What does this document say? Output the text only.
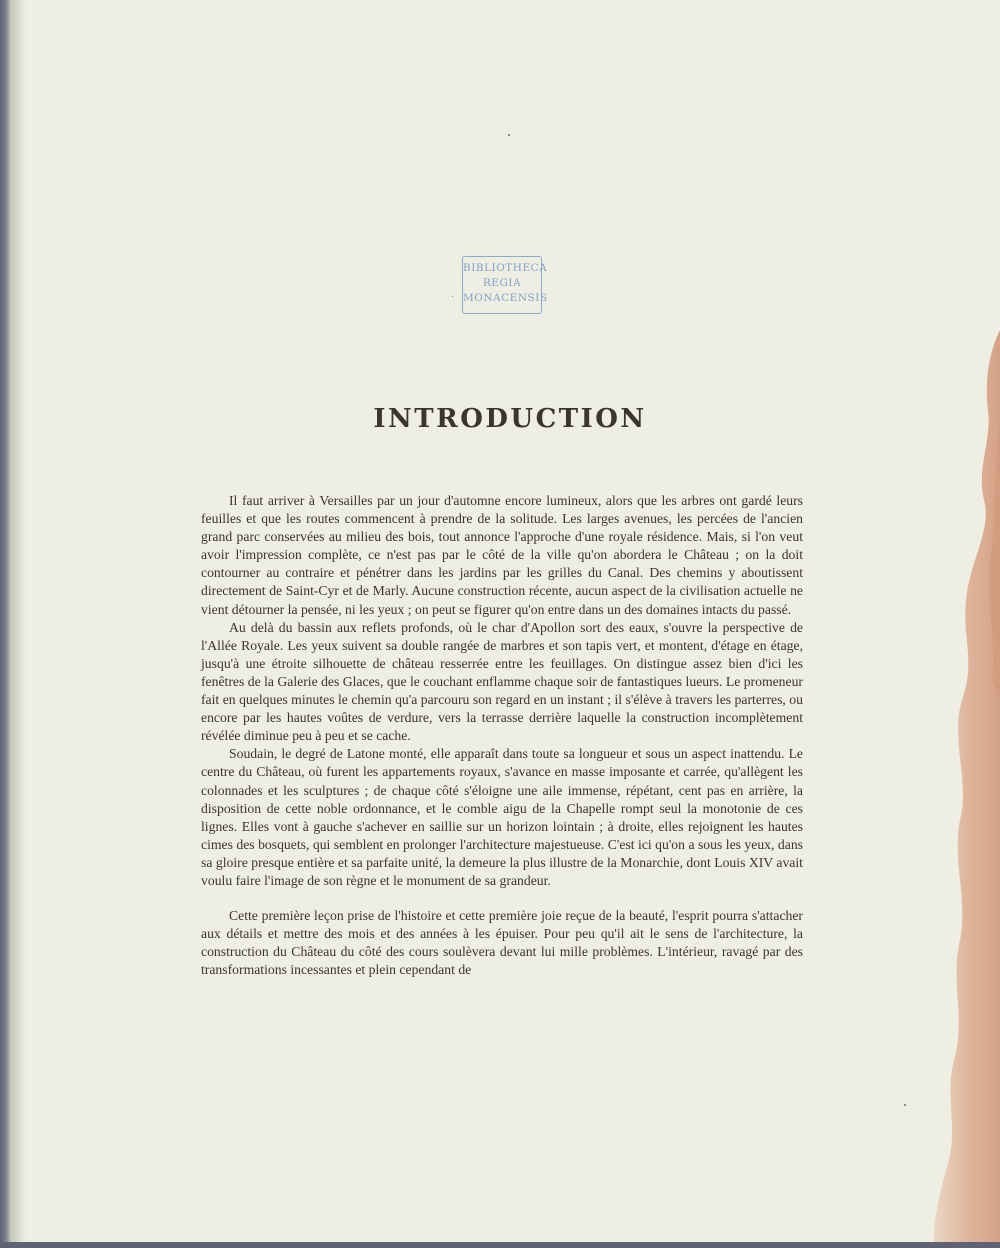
BIBLIOTHECA
REGIA
MONACENSIS
INTRODUCTION

Il faut arriver à Versailles par un jour d'automne encore lumineux, alors que les arbres ont gardé leurs feuilles et que les routes commencent à prendre de la solitude. Les larges avenues, les percées de l'ancien grand parc conservées au milieu des bois, tout annonce l'approche d'une royale résidence. Mais, si l'on veut avoir l'impression complète, ce n'est pas par le côté de la ville qu'on abordera le Château ; on la doit contourner au contraire et pénétrer dans les jardins par les grilles du Canal. Des chemins y aboutissent directement de Saint-Cyr et de Marly. Aucune construction récente, aucun aspect de la civilisation actuelle ne vient détourner la pensée, ni les yeux ; on peut se figurer qu'on entre dans un des domaines intacts du passé.

Au delà du bassin aux reflets profonds, où le char d'Apollon sort des eaux, s'ouvre la perspective de l'Allée Royale. Les yeux suivent sa double rangée de marbres et son tapis vert, et montent, d'étage en étage, jusqu'à une étroite silhouette de château resserrée entre les feuillages. On distingue assez bien d'ici les fenêtres de la Galerie des Glaces, que le couchant enflamme chaque soir de fantastiques lueurs. Le promeneur fait en quelques minutes le chemin qu'a parcouru son regard en un instant ; il s'élève à travers les parterres, ou encore par les hautes voûtes de verdure, vers la terrasse derrière laquelle la construction incomplètement révélée diminue peu à peu et se cache.

Soudain, le degré de Latone monté, elle apparaît dans toute sa longueur et sous un aspect inattendu. Le centre du Château, où furent les appartements royaux, s'avance en masse imposante et carrée, qu'allègent les colonnades et les sculptures ; de chaque côté s'éloigne une aile immense, répétant, cent pas en arrière, la disposition de cette noble ordonnance, et le comble aigu de la Chapelle rompt seul la monotonie de ces lignes. Elles vont à gauche s'achever en saillie sur un horizon lointain ; à droite, elles rejoignent les hautes cimes des bosquets, qui semblent en prolonger l'architecture majestueuse. C'est ici qu'on a sous les yeux, dans sa gloire presque entière et sa parfaite unité, la demeure la plus illustre de la Monarchie, dont Louis XIV avait voulu faire l'image de son règne et le monument de sa grandeur.

Cette première leçon prise de l'histoire et cette première joie reçue de la beauté, l'esprit pourra s'attacher aux détails et mettre des mois et des années à les épuiser. Pour peu qu'il ait le sens de l'architecture, la construction du Château du côté des cours soulèvera devant lui mille problèmes. L'intérieur, ravagé par des transformations incessantes et plein cependant de
